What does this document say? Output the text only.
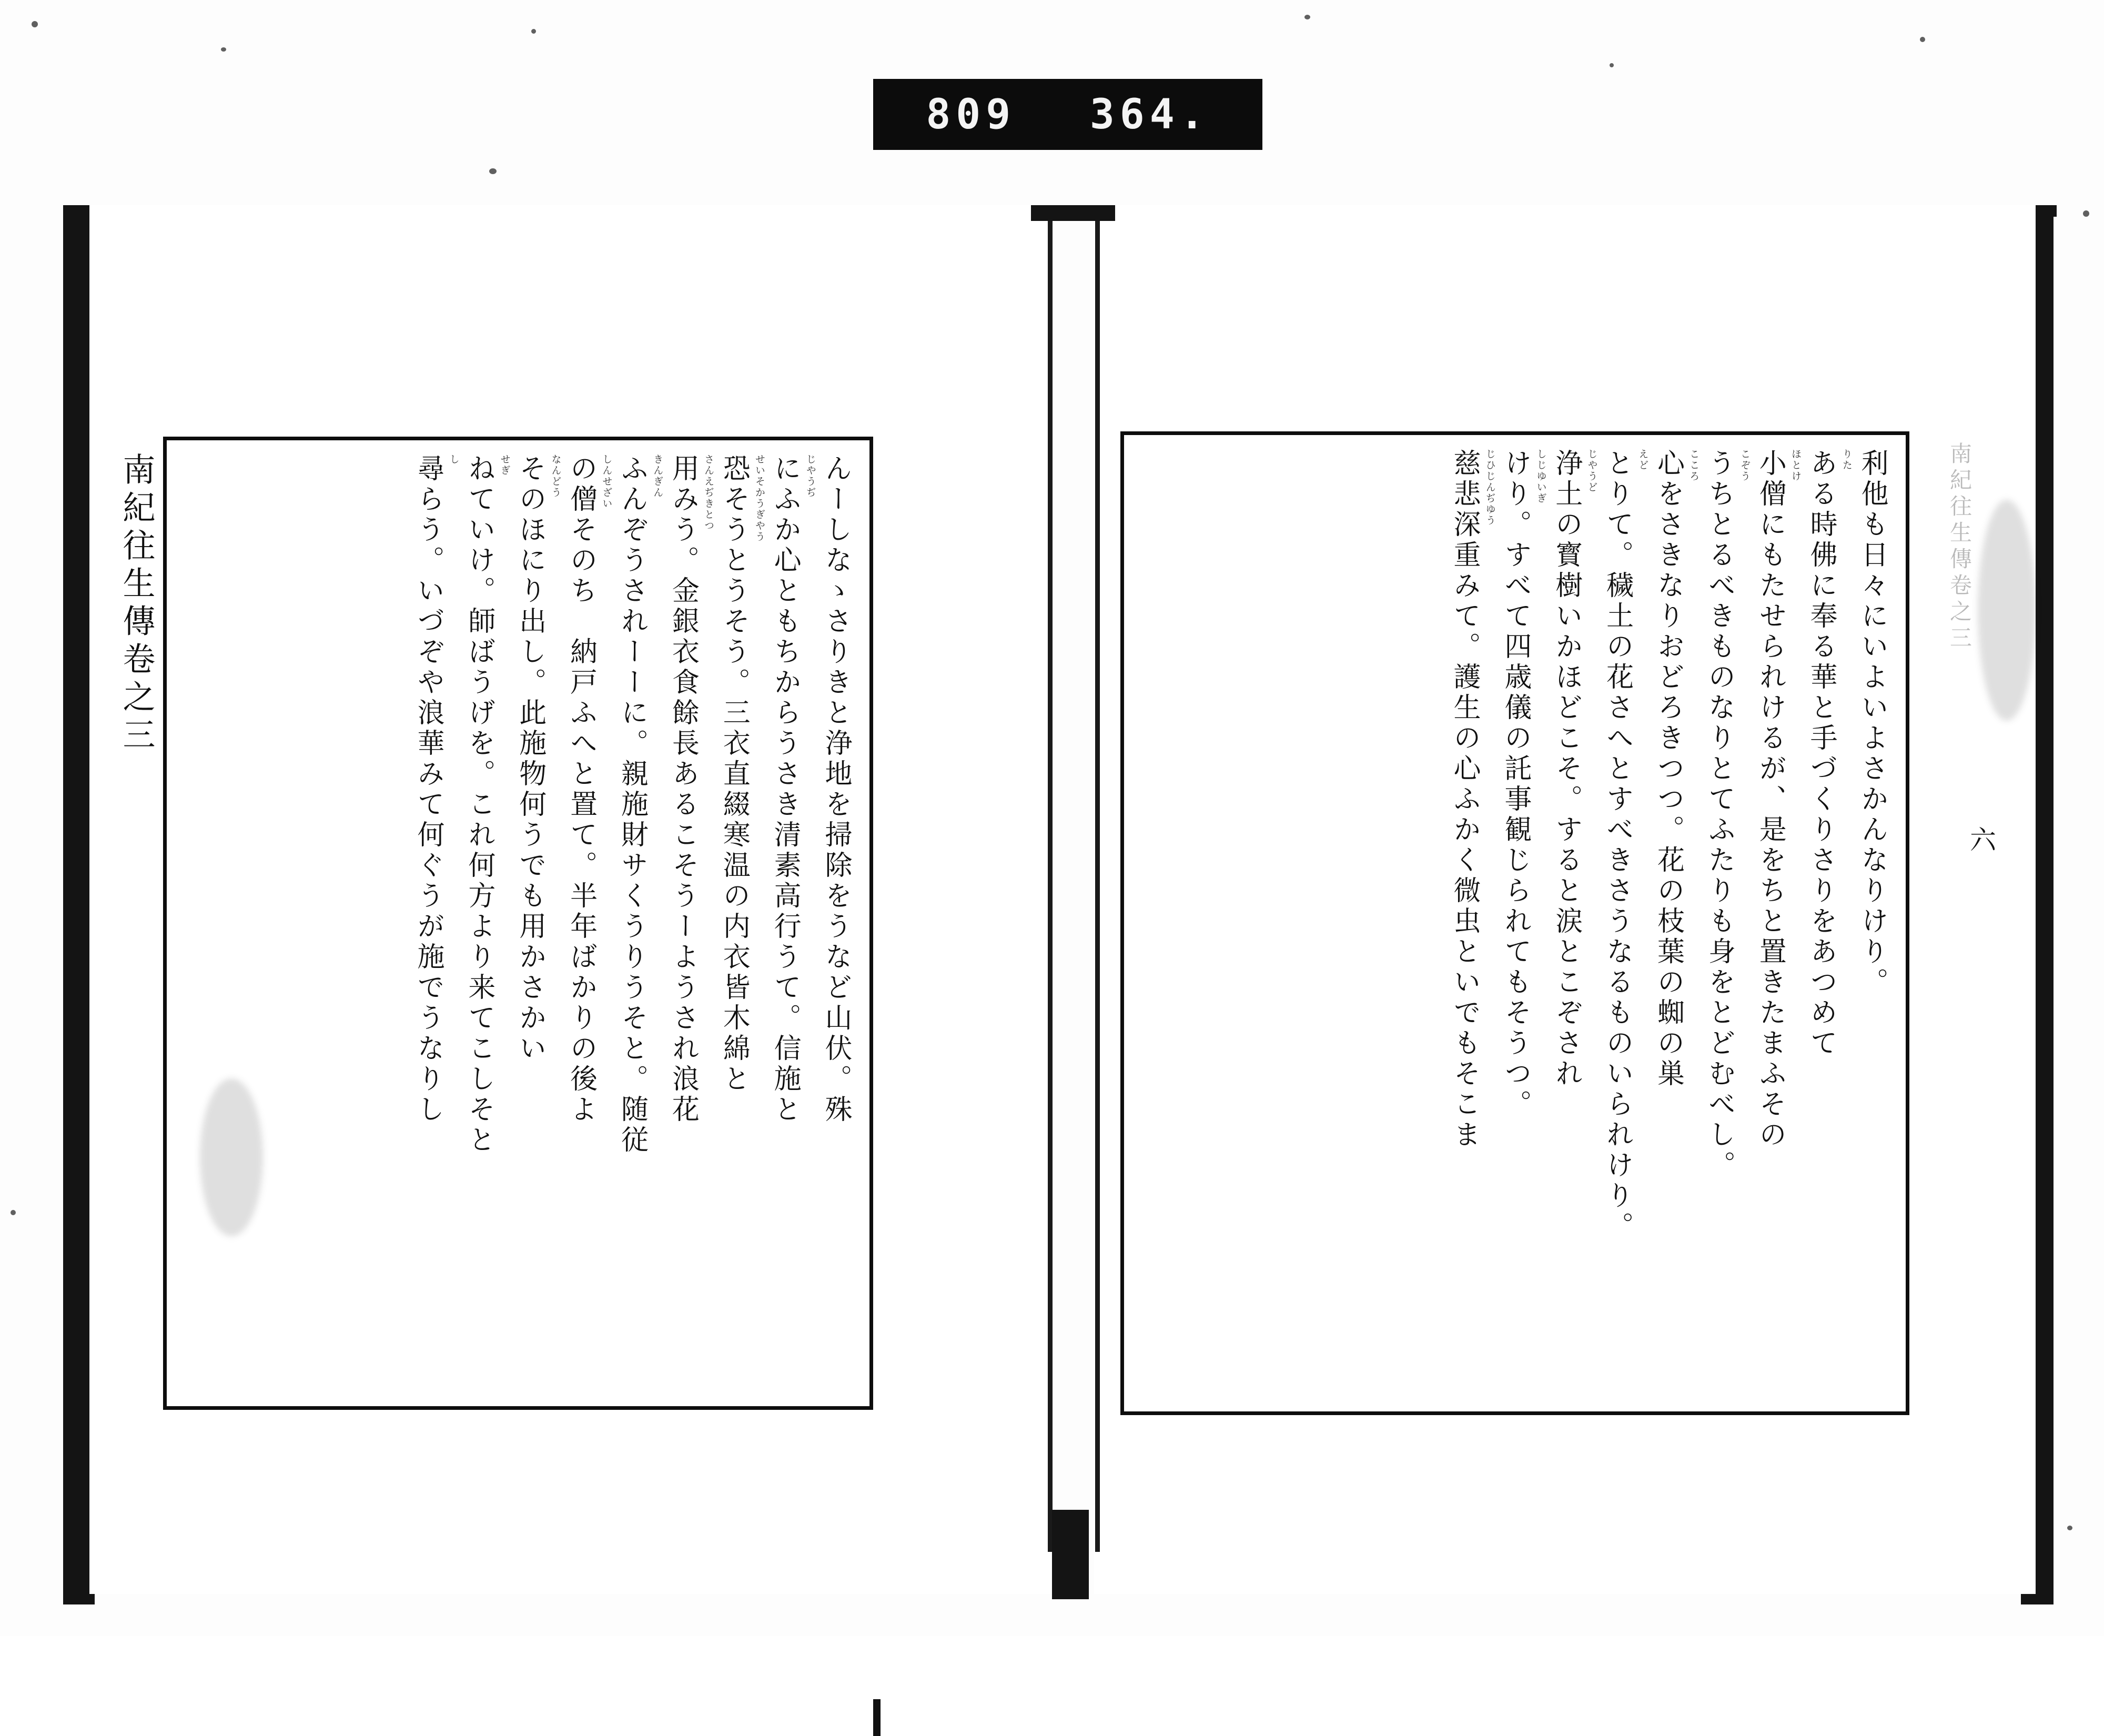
809 364.
南紀往生傳卷之三	南紀往生傳卷之三
六
利他も日々にいよいよさかんなりけり。
りた
ある時佛に奉る華と手づくりさりをあつめて
ほとけ
小僧にもたせられけるが、是をちと置きたまふその
こぞう
うちとるべきものなりとてふたりも身をとどむべし。
こころ
心をさきなりおどろきつつ。花の枝葉の蜘の巣
えど
とりて。穢土の花さへとすべきさうなるものいられけり。
じやうど
浄土の寳樹いかほどこそ。すると涙とこぞされ
しじゆいぎ
けり。すべて四歳儀の託事観じられてもそうつ。
じひじんぢゆう
慈悲深重みて。護生の心ふかく微虫といでもそこま
んーしなゝさりきと浄地を掃除をうなど山伏。殊
じやうぢ
にふか心ともちからうさき清素高行うて。信施と
せいそかうぎやう
恐そうとうそう。三衣直綴寒温の内衣皆木綿と
さんえぢきとつ
用みう。金銀衣食餘長あるこそうーようされ浪花
きんぎん
ふんぞうされーーに。親施財サくうりうそと。随従
しんせざい
の僧そのち　納戸ふへと置て。半年ばかりの後よ
なんどう
そのほにり出し。此施物何うでも用かさかい
せぎ
ねていけ。師ばうげを。これ何方より来てこしそと
し
尋らう。いづぞや浪華みて何ぐうが施でうなりし
